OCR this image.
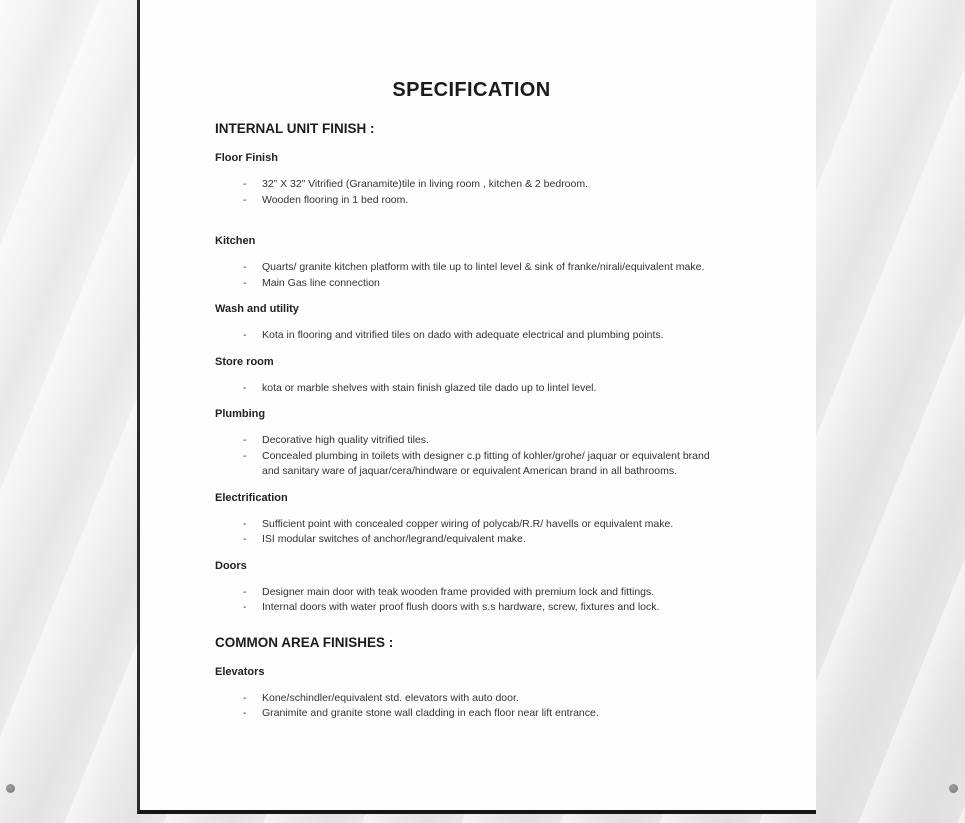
SPECIFICATION
INTERNAL UNIT FINISH :
Floor Finish
-	32” X 32” Vitrified (Granamite)tile in living room , kitchen & 2 bedroom.
-	Wooden flooring in 1 bed room.
Kitchen
-	Quarts/ granite kitchen platform with tile up to lintel level & sink of franke/nirali/equivalent make.
-	Main Gas line connection
Wash and utility
-	Kota in flooring and vitrified tiles on dado with adequate electrical and plumbing points.
Store room
-	kota or marble shelves with stain finish glazed tile dado up to lintel level.
Plumbing
-	Decorative high quality vitrified tiles.
-	Concealed plumbing in toilets with designer c.p fitting of kohler/grohe/ jaquar or equivalent brand and sanitary ware of jaquar/cera/hindware or equivalent American brand in all bathrooms.
Electrification
-	Sufficient point with concealed copper wiring of polycab/R.R/ havells or equivalent make.
-	ISI modular switches of anchor/legrand/equivalent make.
Doors
-	Designer main door with teak wooden frame provided with premium lock and fittings.
-	Internal doors with water proof flush doors with s.s hardware, screw, fixtures and lock.
COMMON AREA FINISHES :
Elevators
-	Kone/schindler/equivalent std. elevators with auto door.
-	Granimite and granite stone wall cladding in each floor near lift entrance.
